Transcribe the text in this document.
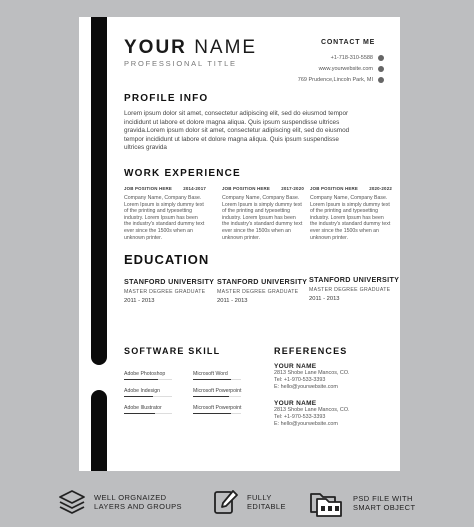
YOUR NAME
PROFESSIONAL TITLE
CONTACT ME
+1-718-310-5588
www.yourwebsite.com
769 Prudence,Lincoln Park, MI
PROFILE INFO
Lorem ipsum dolor sit amet, consectetur adipiscing elit, sed do eiusmod tempor incididunt ut labore et dolore magna aliqua. Quis ipsum suspendisse ultrices gravida.Lorem ipsum dolor sit amet, consectetur adipiscing elit, sed do eiusmod tempor incididunt ut labore et dolore magna aliqua. Quis ipsum suspendisse ultrices gravida
WORK EXPERIENCE
JOB POSITION HERE	2014-2017
Company Name, Company Base. Lorem Ipsum is simply dummy text of the printing and typesetting industry. Lorem Ipsum has been the industry's standard dummy text ever since the 1500s when an unknown printer.
JOB POSITION HERE	2017-2020
Company Name, Company Base. Lorem Ipsum is simply dummy text of the printing and typesetting industry. Lorem Ipsum has been the industry's standard dummy text ever since the 1500s when an unknown printer.
JOB POSITION HERE	2020-2022
Company Name, Company Base. Lorem Ipsum is simply dummy text of the printing and typesetting industry. Lorem Ipsum has been the industry's standard dummy text ever since the 1500s when an unknown printer.
EDUCATION
STANFORD UNIVERSITY
MASTER DEGREE GRADUATE
2011 - 2013
STANFORD UNIVERSITY
MASTER DEGREE GRADUATE
2011 - 2013
STANFORD UNIVERSITY
MASTER DEGREE GRADUATE
2011 - 2013
SOFTWARE SKILL
Adobe Photoshop	Microsoft Word
Adobe Indesign	Microsoft Powerpoint
Adobe Illustrator	Microsoft Powerpoint
REFERENCES
YOUR NAME
2813 Shobe Lane Mancos, CO.
Tel: +1-970-533-3393
E: hello@yourwebsite.com
YOUR NAME
2813 Shobe Lane Mancos, CO.
Tel: +1-970-533-3393
E: hello@yourwebsite.com
WELL ORGNAIZED
LAYERS AND GROUPS
FULLY
EDITABLE
PSD FILE WITH
SMART OBJECT
